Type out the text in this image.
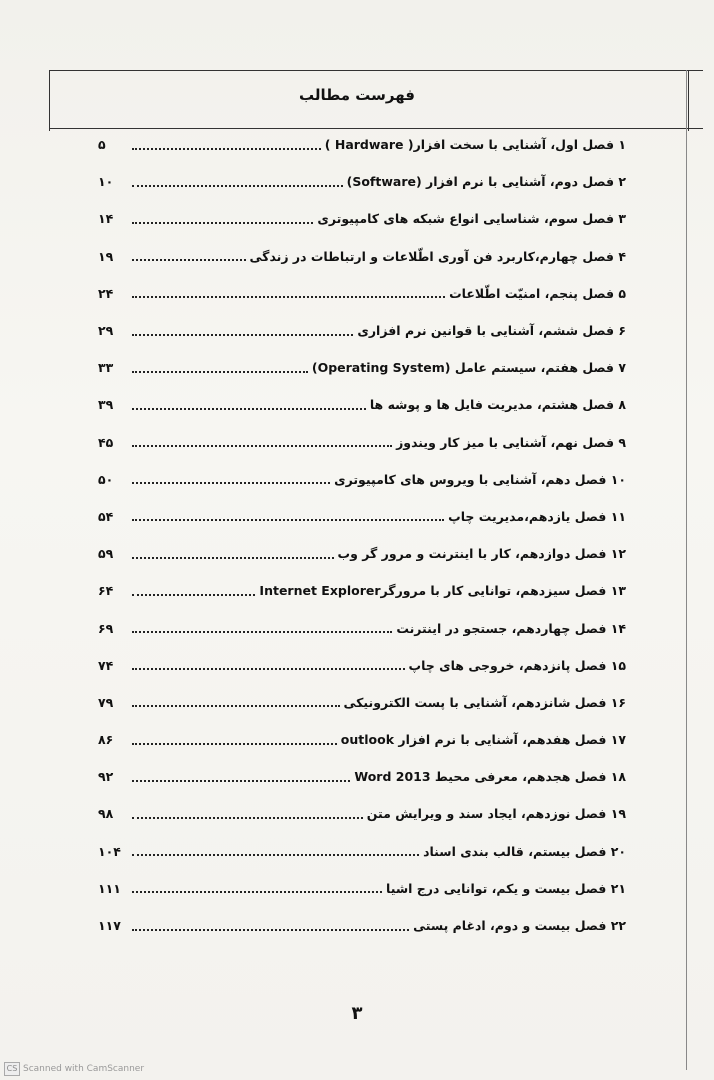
فهرست مطالب
۱ فصل اول، آشنایی با سخت افزار( Hardware )
۵
۲ فصل دوم، آشنایی با نرم افزار (Software)
۱۰
۳ فصل سوم، شناسایی انواع شبکه های کامپیوتری
۱۴
۴ فصل چهارم،کاربرد فن آوری اطّلاعات و ارتباطات در زندگی
۱۹
۵ فصل پنجم، امنیّت اطّلاعات
۲۴
۶ فصل ششم، آشنایی با قوانین نرم افزاری
۲۹
۷ فصل هفتم، سیستم عامل (Operating System)
۳۳
۸ فصل هشتم، مدیریت فایل ها و پوشه ها
۳۹
۹ فصل نهم، آشنایی با میز کار ویندوز
۴۵
۱۰ فصل دهم، آشنایی با ویروس های کامپیوتری
۵۰
۱۱ فصل یازدهم،مدیریت چاپ
۵۴
۱۲ فصل دوازدهم، کار با اینترنت و مرور گر وب
۵۹
۱۳ فصل سیزدهم، توانایی کار با مرورگرInternet Explorer
۶۴
۱۴ فصل چهاردهم، جستجو در اینترنت
۶۹
۱۵ فصل پانزدهم، خروجی های چاپ
۷۴
۱۶ فصل شانزدهم، آشنایی با پست الکترونیکی
۷۹
۱۷ فصل هفدهم، آشنایی با نرم افزار outlook
۸۶
۱۸ فصل هجدهم، معرفی محیط Word 2013
۹۲
۱۹ فصل نوزدهم، ایجاد سند و ویرایش متن
۹۸
۲۰ فصل بیستم، قالب بندی اسناد
۱۰۴
۲۱ فصل بیست و یکم، توانایی درج اشیا
۱۱۱
۲۲ فصل بیست و دوم، ادغام پستی
۱۱۷
۳
CS Scanned with CamScanner
